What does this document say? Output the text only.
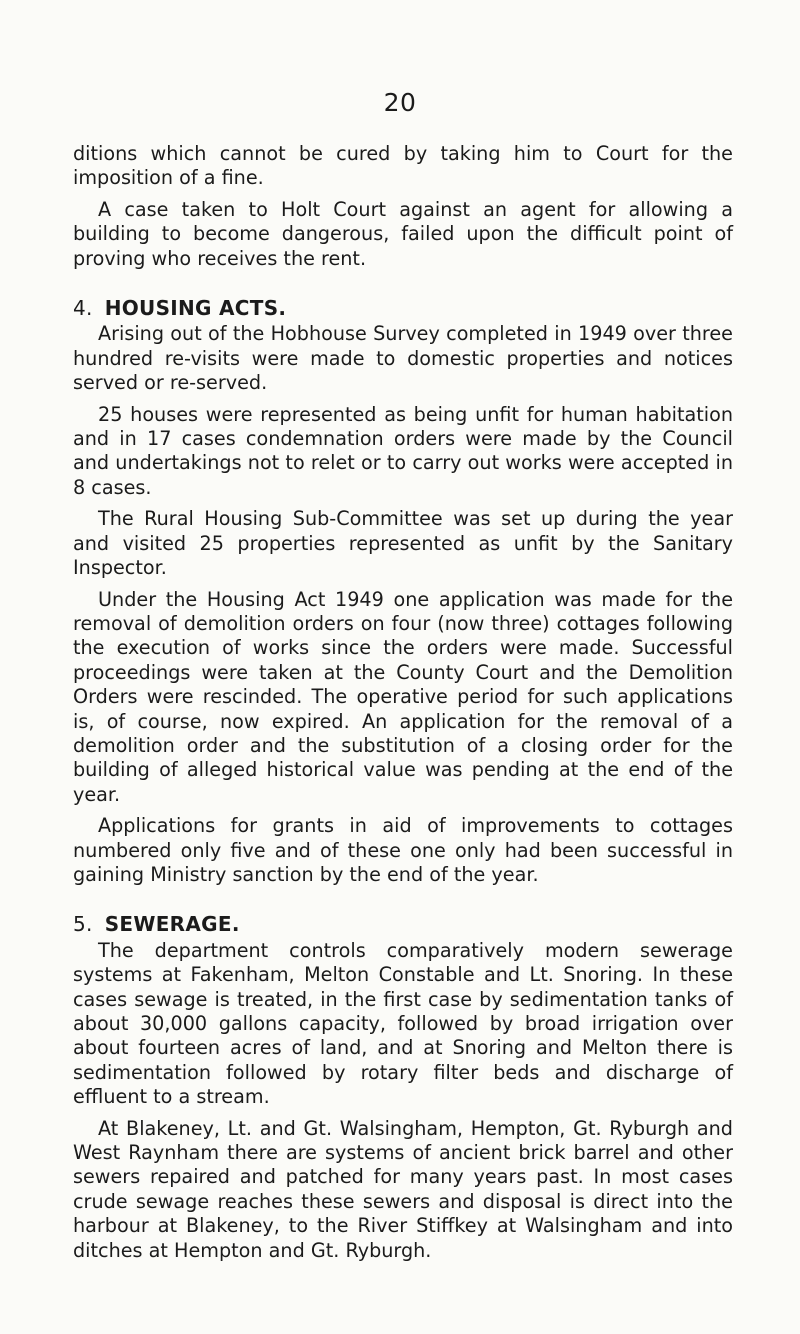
20

ditions which cannot be cured by taking him to Court for the imposition of a fine.

A case taken to Holt Court against an agent for allowing a building to become dangerous, failed upon the difficult point of proving who receives the rent.

4. HOUSING ACTS.

Arising out of the Hobhouse Survey completed in 1949 over three hundred re-visits were made to domestic properties and notices served or re-served.

25 houses were represented as being unfit for human habitation and in 17 cases condemnation orders were made by the Council and undertakings not to relet or to carry out works were accepted in 8 cases.

The Rural Housing Sub-Committee was set up during the year and visited 25 properties represented as unfit by the Sanitary Inspector.

Under the Housing Act 1949 one application was made for the removal of demolition orders on four (now three) cottages following the execution of works since the orders were made. Successful proceedings were taken at the County Court and the Demolition Orders were rescinded. The operative period for such applications is, of course, now expired. An application for the removal of a demolition order and the substitution of a closing order for the building of alleged historical value was pending at the end of the year.

Applications for grants in aid of improvements to cottages numbered only five and of these one only had been successful in gaining Ministry sanction by the end of the year.

5. SEWERAGE.

The department controls comparatively modern sewerage systems at Fakenham, Melton Constable and Lt. Snoring. In these cases sewage is treated, in the first case by sedimentation tanks of about 30,000 gallons capacity, followed by broad irrigation over about fourteen acres of land, and at Snoring and Melton there is sedimentation followed by rotary filter beds and discharge of effluent to a stream.

At Blakeney, Lt. and Gt. Walsingham, Hempton, Gt. Ryburgh and West Raynham there are systems of ancient brick barrel and other sewers repaired and patched for many years past. In most cases crude sewage reaches these sewers and disposal is direct into the harbour at Blakeney, to the River Stiffkey at Walsingham and into ditches at Hempton and Gt. Ryburgh.
